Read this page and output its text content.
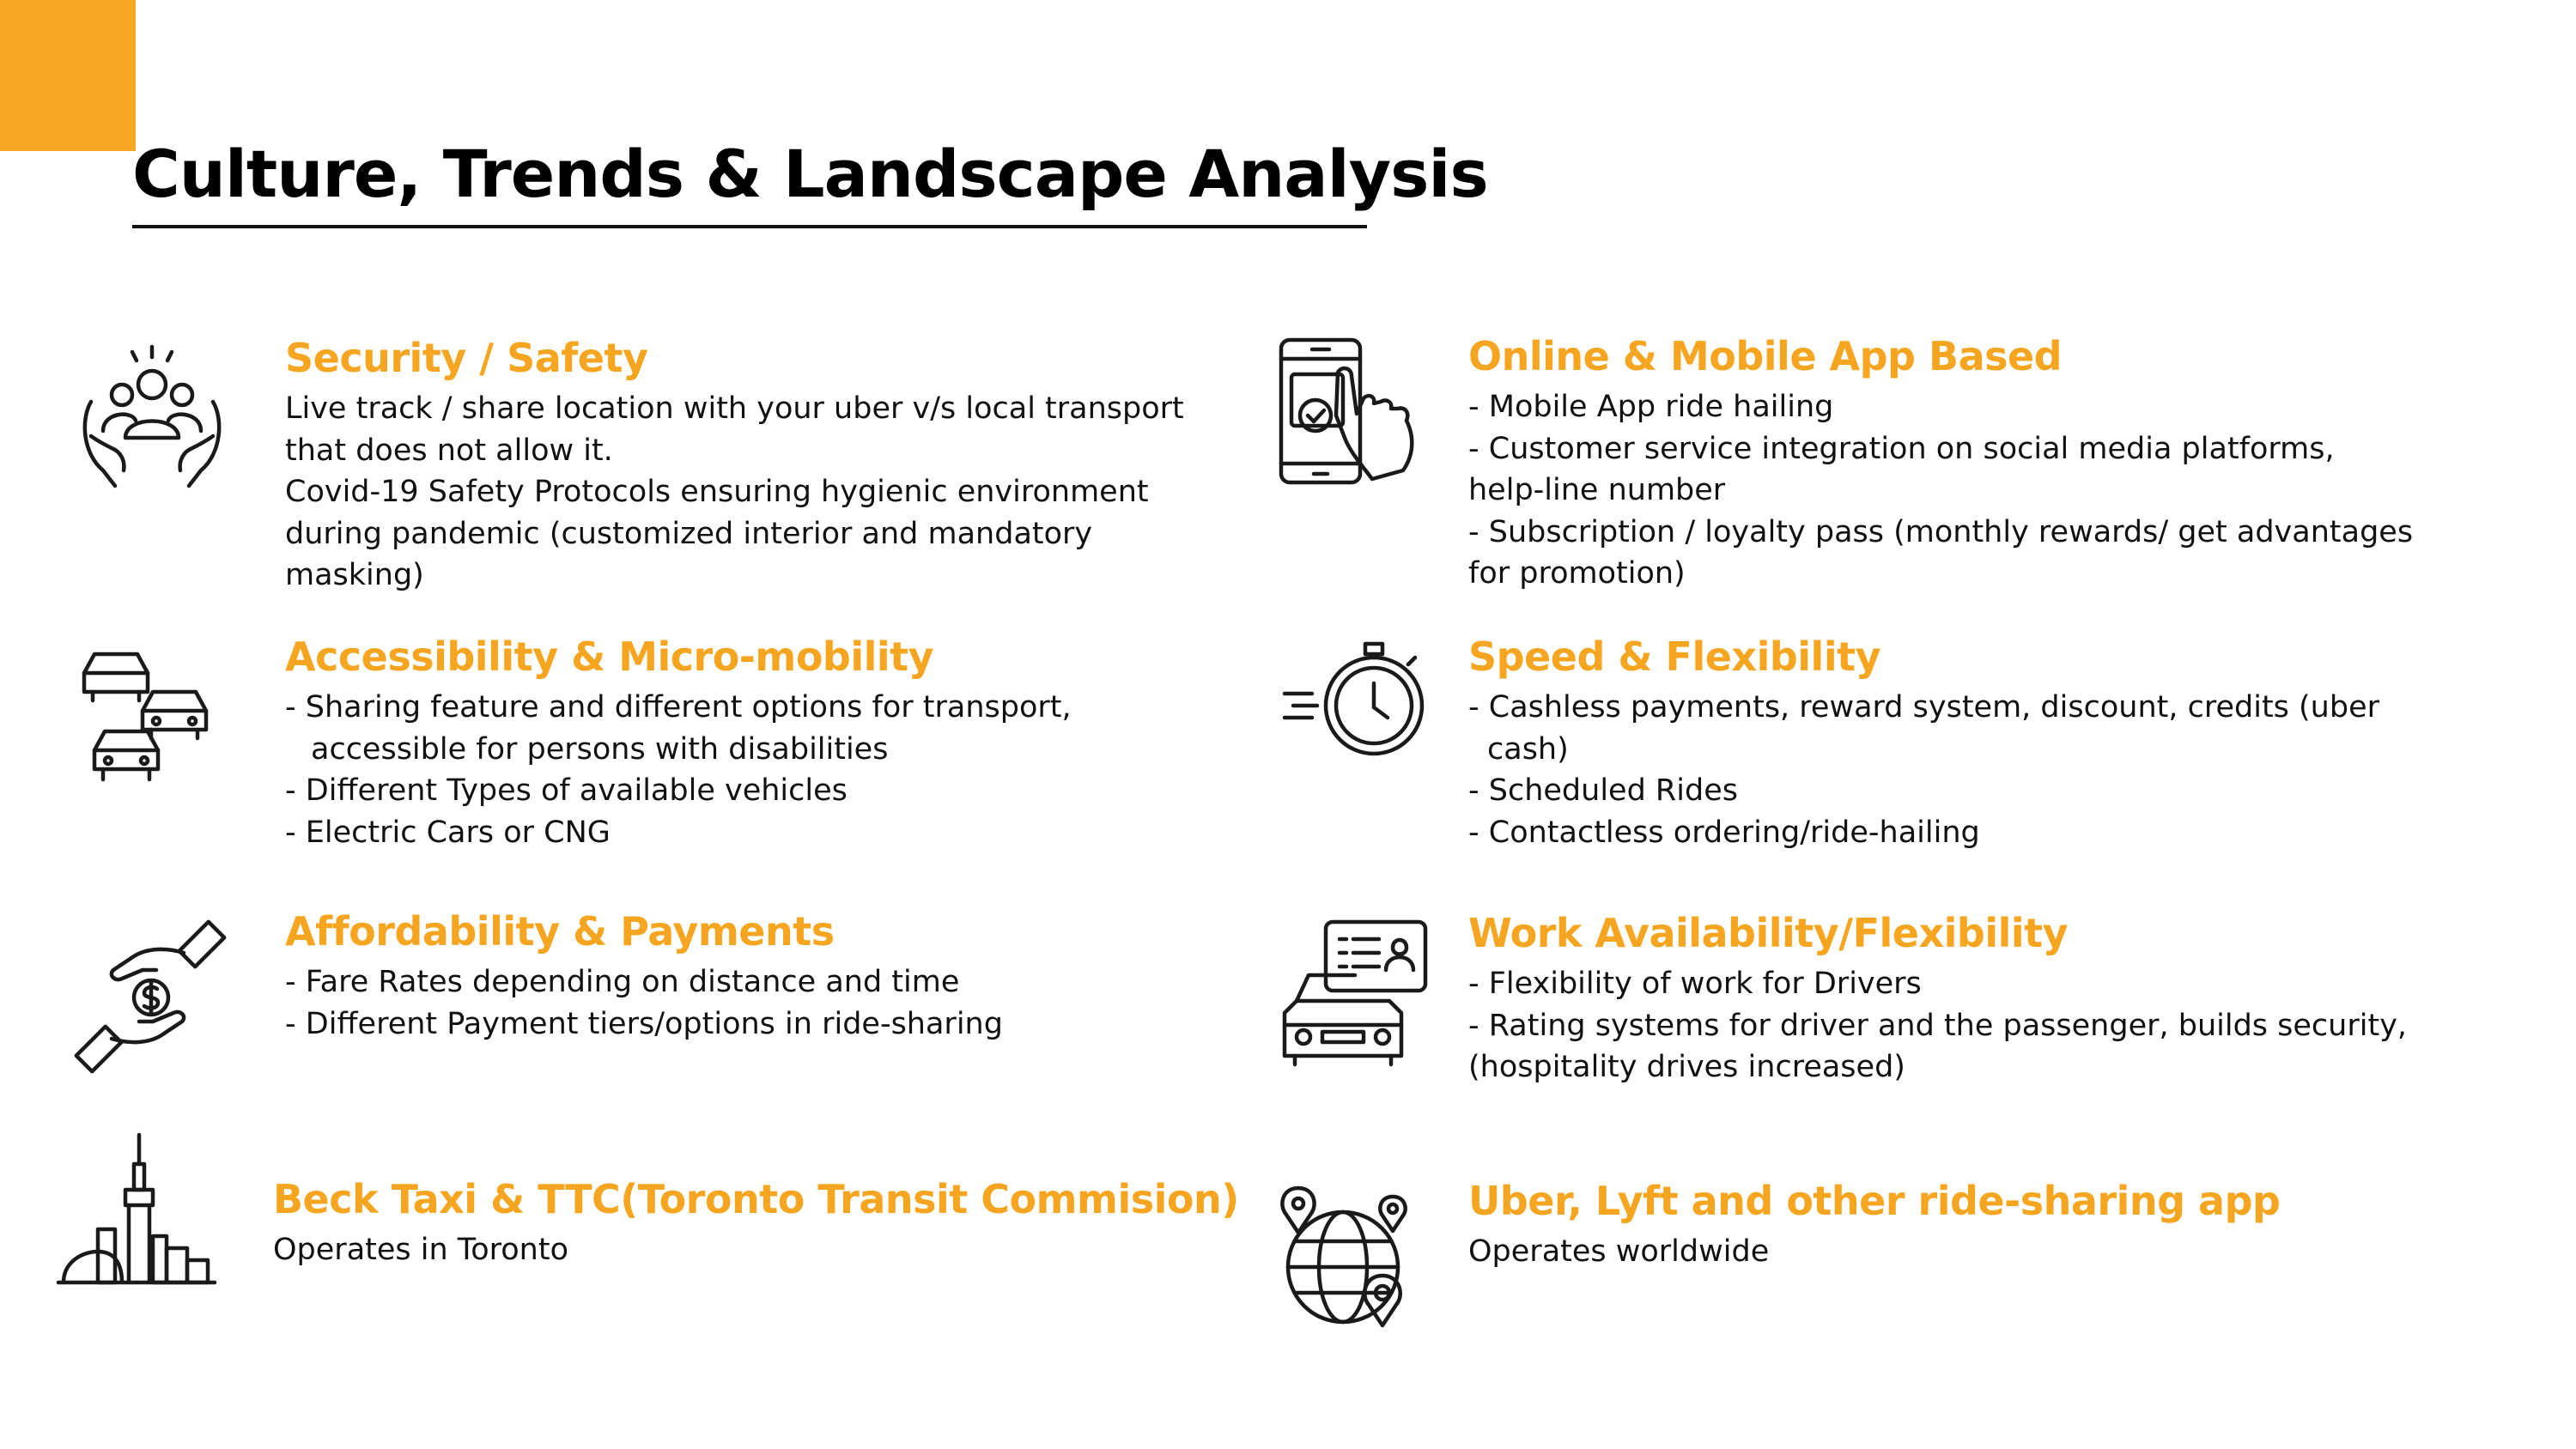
Culture, Trends & Landscape Analysis
Security / Safety
Live track / share location with your uber v/s local transport
that does not allow it.
Covid-19 Safety Protocols ensuring hygienic environment
during pandemic (customized interior and mandatory
masking)
Accessibility & Micro-mobility
- Sharing feature and different options for transport,
accessible for persons with disabilities
- Different Types of available vehicles
- Electric Cars or CNG
Affordability & Payments
- Fare Rates depending on distance and time
- Different Payment tiers/options in ride-sharing
Beck Taxi & TTC(Toronto Transit Commision)
Operates in Toronto
Online & Mobile App Based
- Mobile App ride hailing
- Customer service integration on social media platforms,
help-line number
- Subscription / loyalty pass (monthly rewards/ get advantages
for promotion)
Speed & Flexibility
- Cashless payments, reward system, discount, credits (uber
cash)
- Scheduled Rides
- Contactless ordering/ride-hailing
Work Availability/Flexibility
- Flexibility of work for Drivers
- Rating systems for driver and the passenger, builds security,
(hospitality drives increased)
Uber, Lyft and other ride-sharing app
Operates worldwide
